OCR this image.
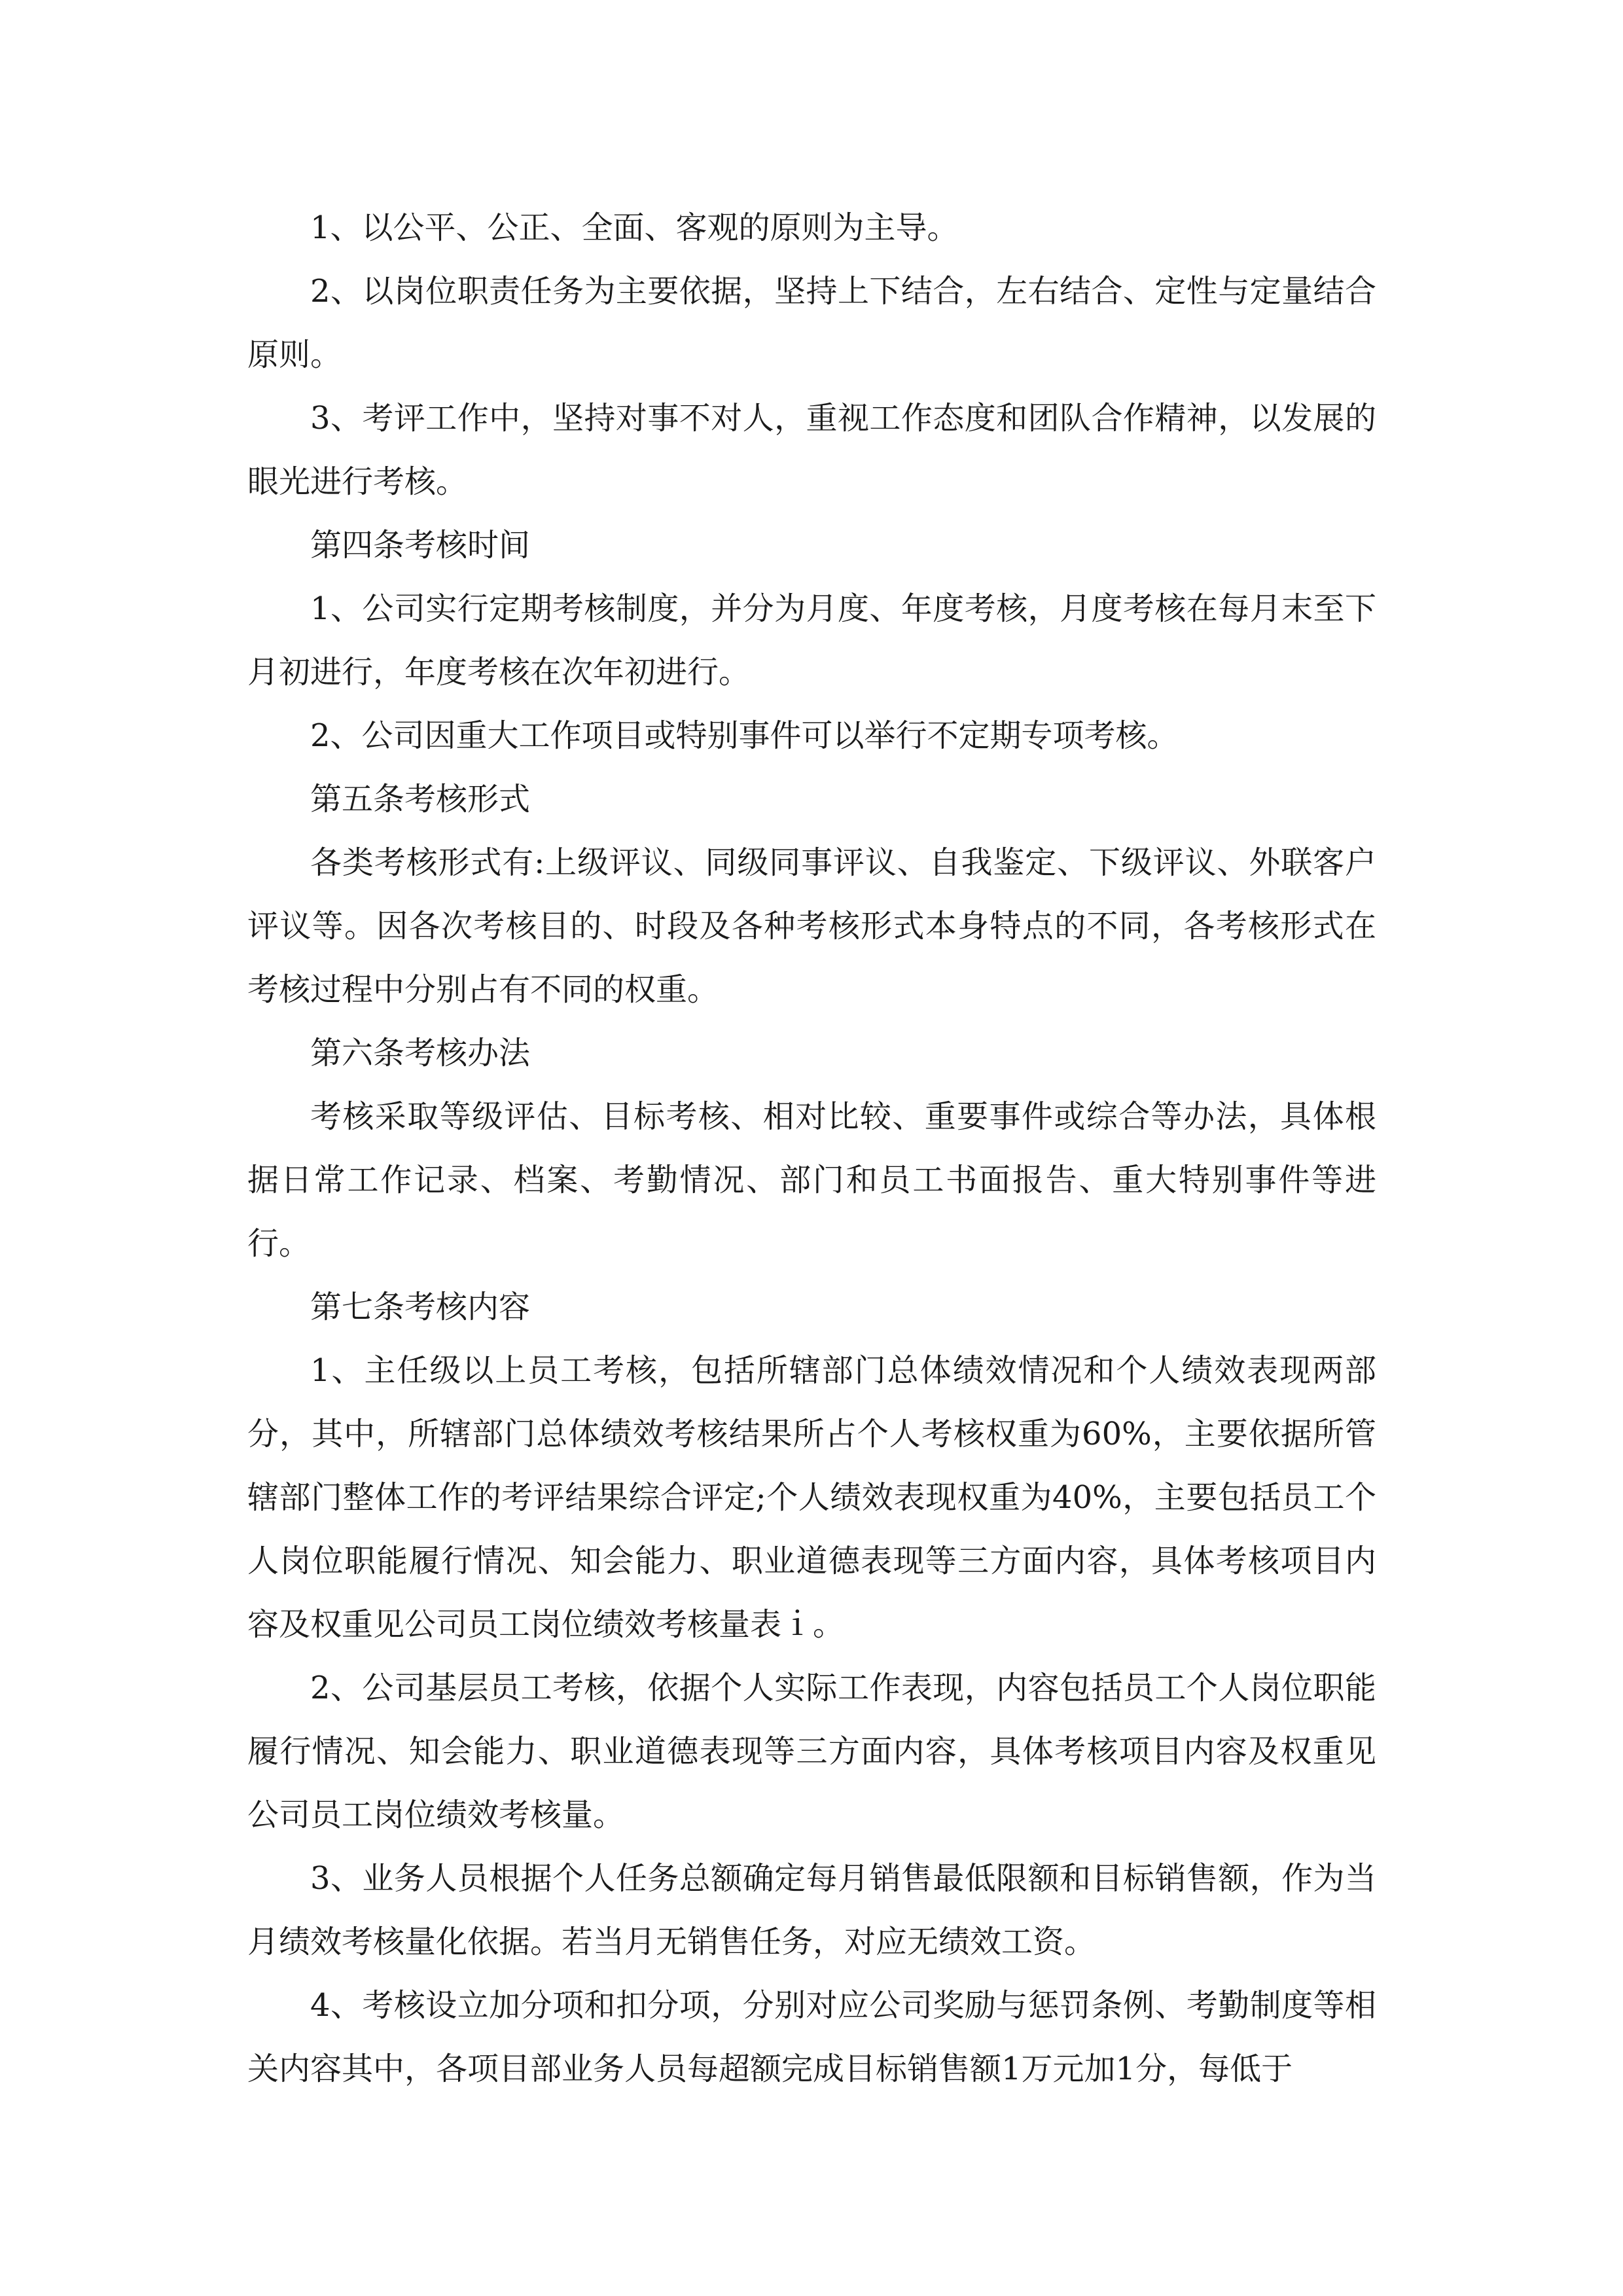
1、以公平、公正、全面、客观的原则为主导。

2、以岗位职责任务为主要依据，坚持上下结合，左右结合、定性与定量结合原则。

3、考评工作中，坚持对事不对人，重视工作态度和团队合作精神，以发展的眼光进行考核。

第四条考核时间

1、公司实行定期考核制度，并分为月度、年度考核，月度考核在每月末至下月初进行，年度考核在次年初进行。

2、公司因重大工作项目或特别事件可以举行不定期专项考核。

第五条考核形式

各类考核形式有:上级评议、同级同事评议、自我鉴定、下级评议、外联客户评议等。因各次考核目的、时段及各种考核形式本身特点的不同，各考核形式在考核过程中分别占有不同的权重。

第六条考核办法

考核采取等级评估、目标考核、相对比较、重要事件或综合等办法，具体根据日常工作记录、档案、考勤情况、部门和员工书面报告、重大特别事件等进行。

第七条考核内容

1、主任级以上员工考核，包括所辖部门总体绩效情况和个人绩效表现两部分，其中，所辖部门总体绩效考核结果所占个人考核权重为60%，主要依据所管辖部门整体工作的考评结果综合评定;个人绩效表现权重为40%，主要包括员工个人岗位职能履行情况、知会能力、职业道德表现等三方面内容，具体考核项目内容及权重见公司员工岗位绩效考核量表ｉ。

2、公司基层员工考核，依据个人实际工作表现，内容包括员工个人岗位职能履行情况、知会能力、职业道德表现等三方面内容，具体考核项目内容及权重见公司员工岗位绩效考核量。

3、业务人员根据个人任务总额确定每月销售最低限额和目标销售额，作为当月绩效考核量化依据。若当月无销售任务，对应无绩效工资。

4、考核设立加分项和扣分项，分别对应公司奖励与惩罚条例、考勤制度等相关内容其中，各项目部业务人员每超额完成目标销售额1万元加1分，每低于
